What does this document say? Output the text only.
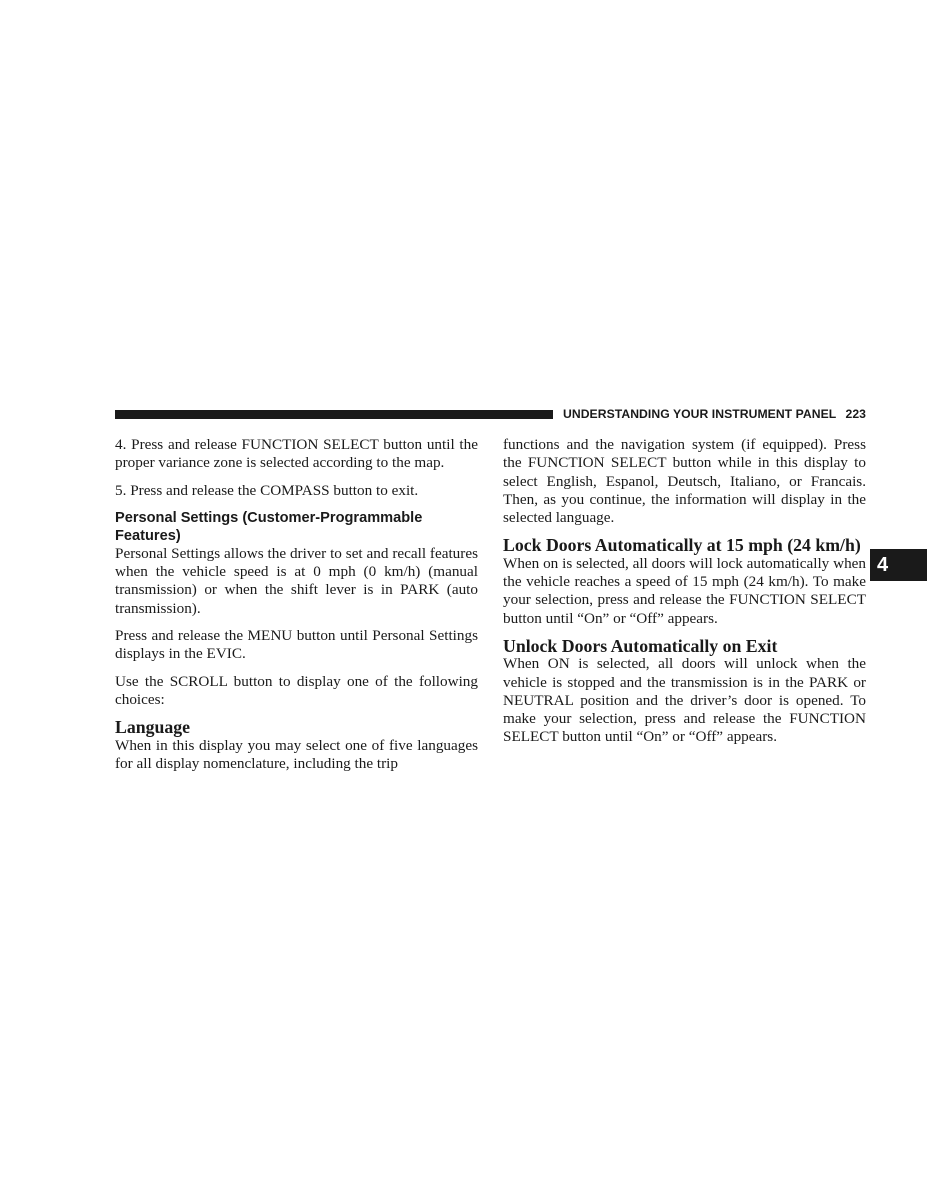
UNDERSTANDING YOUR INSTRUMENT PANEL 223
4

4. Press and release FUNCTION SELECT button until the proper variance zone is selected according to the map.

5. Press and release the COMPASS button to exit.

Personal Settings (Customer-Programmable Features)

Personal Settings allows the driver to set and recall features when the vehicle speed is at 0 mph (0 km/h) (manual transmission) or when the shift lever is in PARK (auto transmission).

Press and release the MENU button until Personal Settings displays in the EVIC.

Use the SCROLL button to display one of the following choices:

Language

When in this display you may select one of five languages for all display nomenclature, including the trip

functions and the navigation system (if equipped). Press the FUNCTION SELECT button while in this display to select English, Espanol, Deutsch, Italiano, or Francais. Then, as you continue, the information will display in the selected language.

Lock Doors Automatically at 15 mph (24 km/h)

When on is selected, all doors will lock automatically when the vehicle reaches a speed of 15 mph (24 km/h). To make your selection, press and release the FUNCTION SELECT button until “On” or “Off” appears.

Unlock Doors Automatically on Exit

When ON is selected, all doors will unlock when the vehicle is stopped and the transmission is in the PARK or NEUTRAL position and the driver’s door is opened. To make your selection, press and release the FUNCTION SELECT button until “On” or “Off” appears.
